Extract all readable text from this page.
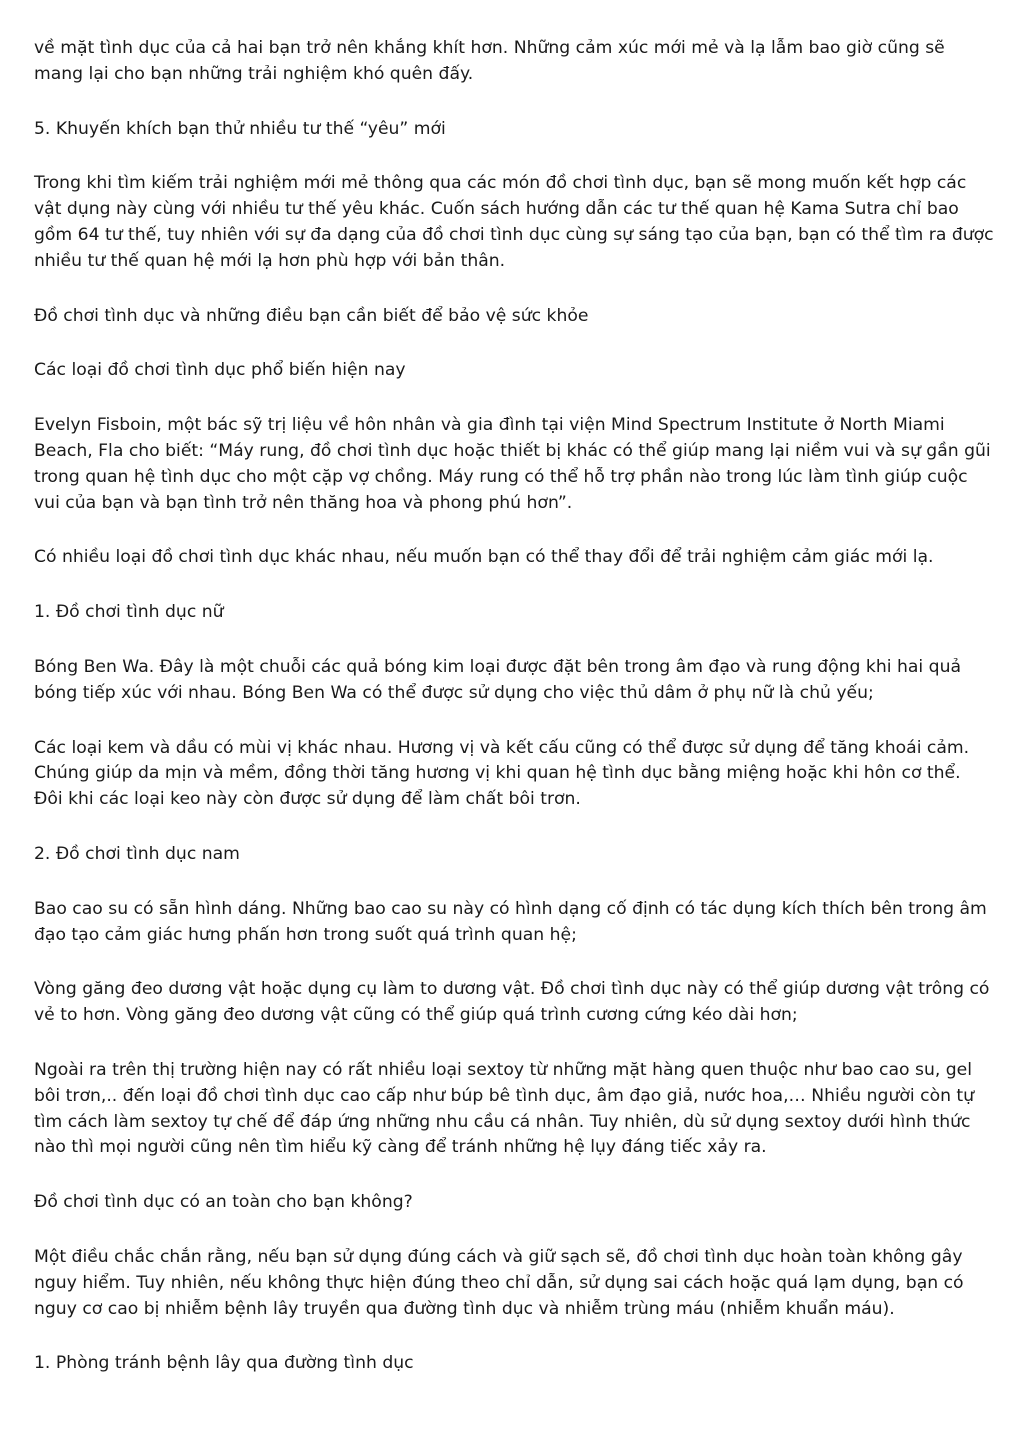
về mặt tình dục của cả hai bạn trở nên khắng khít hơn. Những cảm xúc mới mẻ và lạ lẫm bao giờ cũng sẽ mang lại cho bạn những trải nghiệm khó quên đấy.

5. Khuyến khích bạn thử nhiều tư thế “yêu” mới

Trong khi tìm kiếm trải nghiệm mới mẻ thông qua các món đồ chơi tình dục, bạn sẽ mong muốn kết hợp các vật dụng này cùng với nhiều tư thế yêu khác. Cuốn sách hướng dẫn các tư thế quan hệ Kama Sutra chỉ bao gồm 64 tư thế, tuy nhiên với sự đa dạng của đồ chơi tình dục cùng sự sáng tạo của bạn, bạn có thể tìm ra được nhiều tư thế quan hệ mới lạ hơn phù hợp với bản thân.

Đồ chơi tình dục và những điều bạn cần biết để bảo vệ sức khỏe

Các loại đồ chơi tình dục phổ biến hiện nay

Evelyn Fisboin, một bác sỹ trị liệu về hôn nhân và gia đình tại viện Mind Spectrum Institute ở North Miami Beach, Fla cho biết: “Máy rung, đồ chơi tình dục hoặc thiết bị khác có thể giúp mang lại niềm vui và sự gần gũi trong quan hệ tình dục cho một cặp vợ chồng. Máy rung có thể hỗ trợ phần nào trong lúc làm tình giúp cuộc vui của bạn và bạn tình trở nên thăng hoa và phong phú hơn”.

Có nhiều loại đồ chơi tình dục khác nhau, nếu muốn bạn có thể thay đổi để trải nghiệm cảm giác mới lạ.

1. Đồ chơi tình dục nữ

Bóng Ben Wa. Đây là một chuỗi các quả bóng kim loại được đặt bên trong âm đạo và rung động khi hai quả bóng tiếp xúc với nhau. Bóng Ben Wa có thể được sử dụng cho việc thủ dâm ở phụ nữ là chủ yếu;

Các loại kem và dầu có mùi vị khác nhau. Hương vị và kết cấu cũng có thể được sử dụng để tăng khoái cảm. Chúng giúp da mịn và mềm, đồng thời tăng hương vị khi quan hệ tình dục bằng miệng hoặc khi hôn cơ thể. Đôi khi các loại keo này còn được sử dụng để làm chất bôi trơn.

2. Đồ chơi tình dục nam

Bao cao su có sẵn hình dáng. Những bao cao su này có hình dạng cố định có tác dụng kích thích bên trong âm đạo tạo cảm giác hưng phấn hơn trong suốt quá trình quan hệ;

Vòng găng đeo dương vật hoặc dụng cụ làm to dương vật. Đồ chơi tình dục này có thể giúp dương vật trông có vẻ to hơn. Vòng găng đeo dương vật cũng có thể giúp quá trình cương cứng kéo dài hơn;

Ngoài ra trên thị trường hiện nay có rất nhiều loại sextoy từ những mặt hàng quen thuộc như bao cao su, gel bôi trơn,.. đến loại đồ chơi tình dục cao cấp như búp bê tình dục, âm đạo giả, nước hoa,… Nhiều người còn tự tìm cách làm sextoy tự chế để đáp ứng những nhu cầu cá nhân. Tuy nhiên, dù sử dụng sextoy dưới hình thức nào thì mọi người cũng nên tìm hiểu kỹ càng để tránh những hệ lụy đáng tiếc xảy ra.

Đồ chơi tình dục có an toàn cho bạn không?

Một điều chắc chắn rằng, nếu bạn sử dụng đúng cách và giữ sạch sẽ, đồ chơi tình dục hoàn toàn không gây nguy hiểm. Tuy nhiên, nếu không thực hiện đúng theo chỉ dẫn, sử dụng sai cách hoặc quá lạm dụng, bạn có nguy cơ cao bị nhiễm bệnh lây truyền qua đường tình dục và nhiễm trùng máu (nhiễm khuẩn máu).

1. Phòng tránh bệnh lây qua đường tình dục
